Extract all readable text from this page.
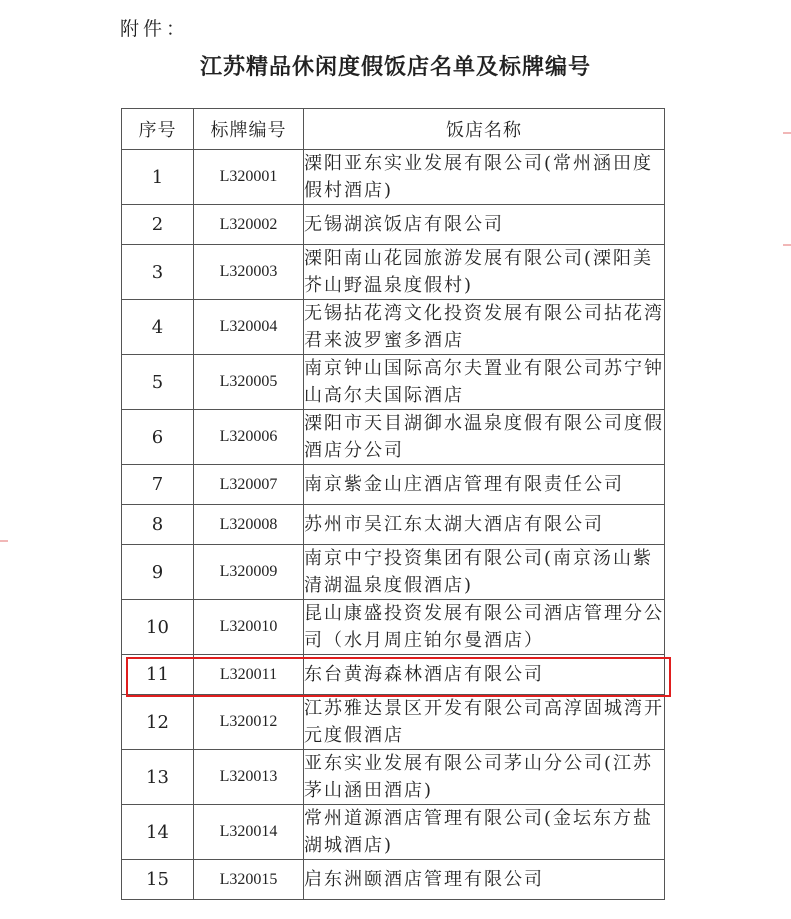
附件：
江苏精品休闲度假饭店名单及标牌编号
序号	标牌编号	饭店名称
1	L320001	溧阳亚东实业发展有限公司(常州涵田度假村酒店)
2	L320002	无锡湖滨饭店有限公司
3	L320003	溧阳南山花园旅游发展有限公司(溧阳美芥山野温泉度假村)
4	L320004	无锡拈花湾文化投资发展有限公司拈花湾君来波罗蜜多酒店
5	L320005	南京钟山国际高尔夫置业有限公司苏宁钟山高尔夫国际酒店
6	L320006	溧阳市天目湖御水温泉度假有限公司度假酒店分公司
7	L320007	南京紫金山庄酒店管理有限责任公司
8	L320008	苏州市吴江东太湖大酒店有限公司
9	L320009	南京中宁投资集团有限公司(南京汤山紫清湖温泉度假酒店)
10	L320010	昆山康盛投资发展有限公司酒店管理分公司（水月周庄铂尔曼酒店）
11	L320011	东台黄海森林酒店有限公司
12	L320012	江苏雅达景区开发有限公司高淳固城湾开元度假酒店
13	L320013	亚东实业发展有限公司茅山分公司(江苏茅山涵田酒店)
14	L320014	常州道源酒店管理有限公司(金坛东方盐湖城酒店)
15	L320015	启东洲颐酒店管理有限公司
